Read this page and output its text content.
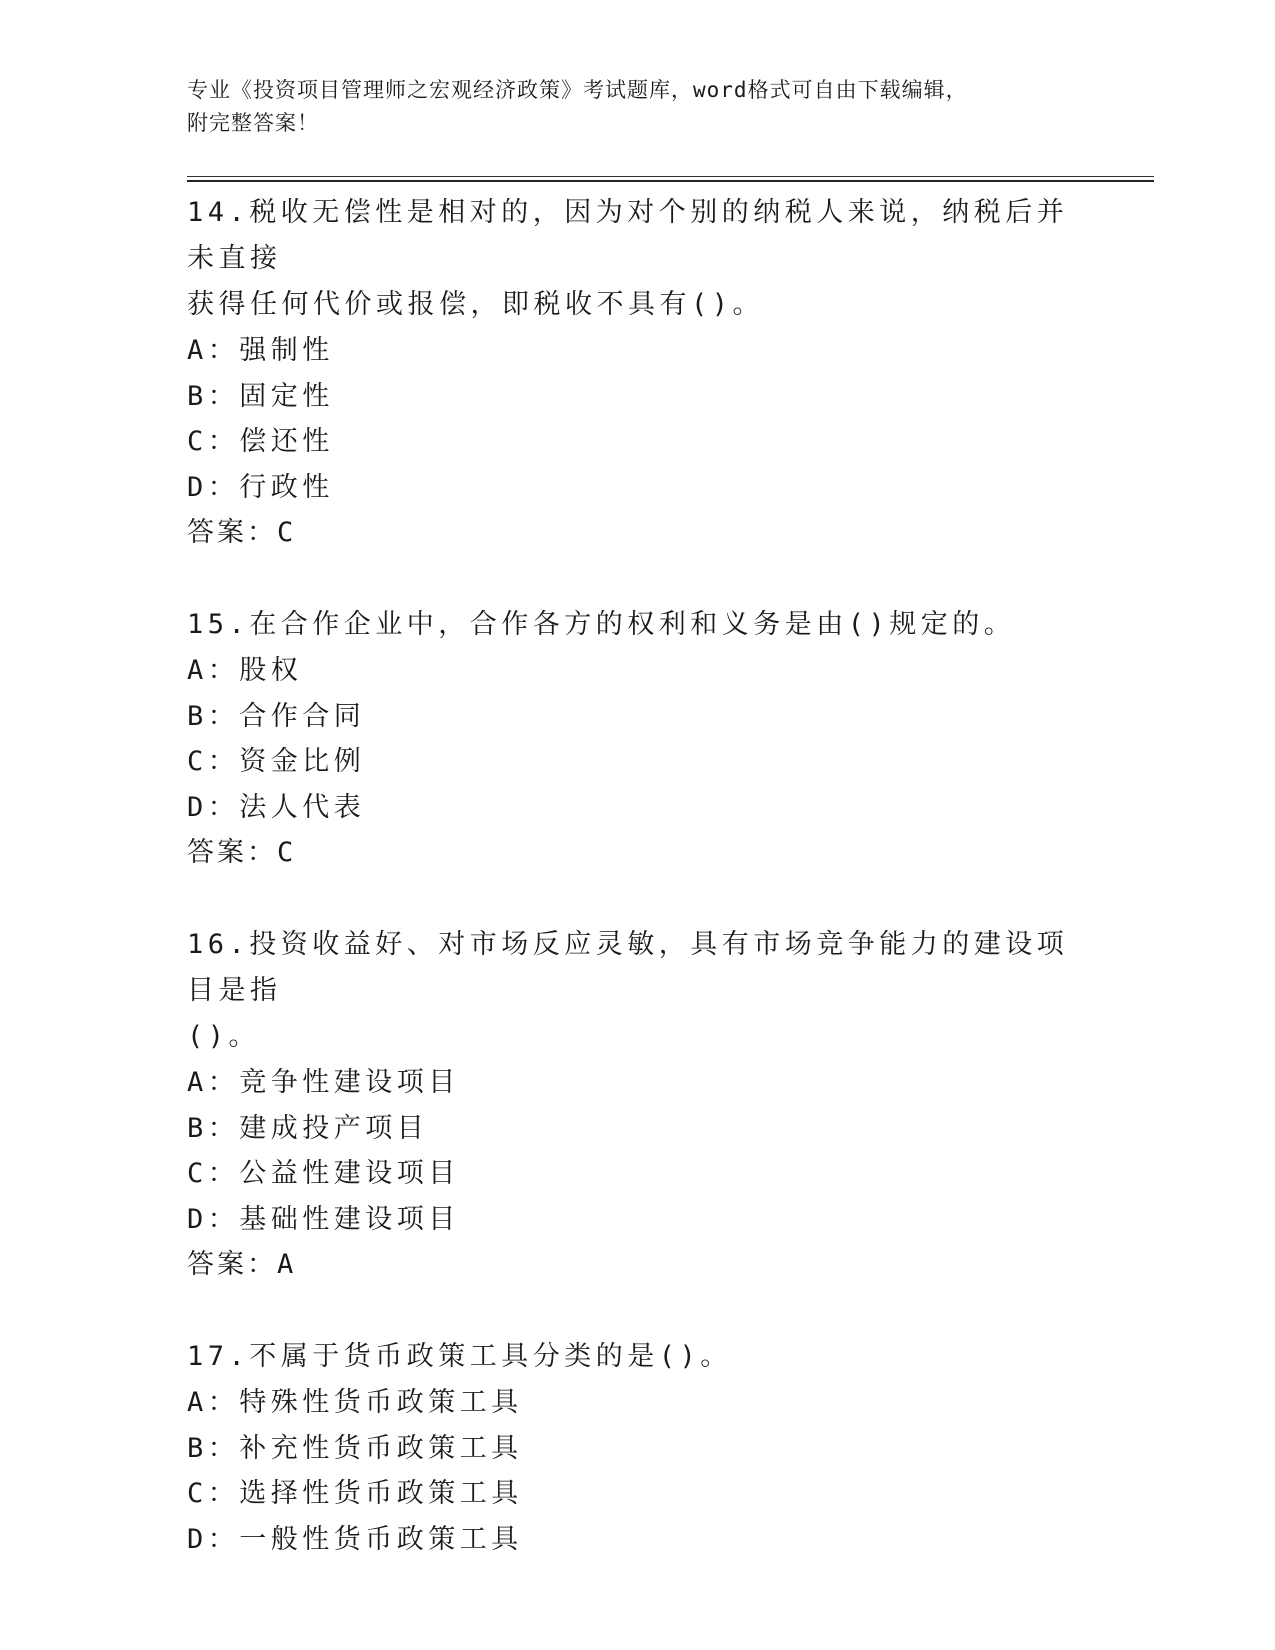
专业《投资项目管理师之宏观经济政策》考试题库，word格式可自由下载编辑，
附完整答案！

14.税收无偿性是相对的，因为对个别的纳税人来说，纳税后并未直接

获得任何代价或报偿，即税收不具有()。

A：强制性

B：固定性

C：偿还性

D：行政性

答案：C

15.在合作企业中，合作各方的权利和义务是由()规定的。

A：股权

B：合作合同

C：资金比例

D：法人代表

答案：C

16.投资收益好、对市场反应灵敏，具有市场竞争能力的建设项目是指

()。

A：竞争性建设项目

B：建成投产项目

C：公益性建设项目

D：基础性建设项目

答案：A

17.不属于货币政策工具分类的是()。

A：特殊性货币政策工具

B：补充性货币政策工具

C：选择性货币政策工具

D：一般性货币政策工具
